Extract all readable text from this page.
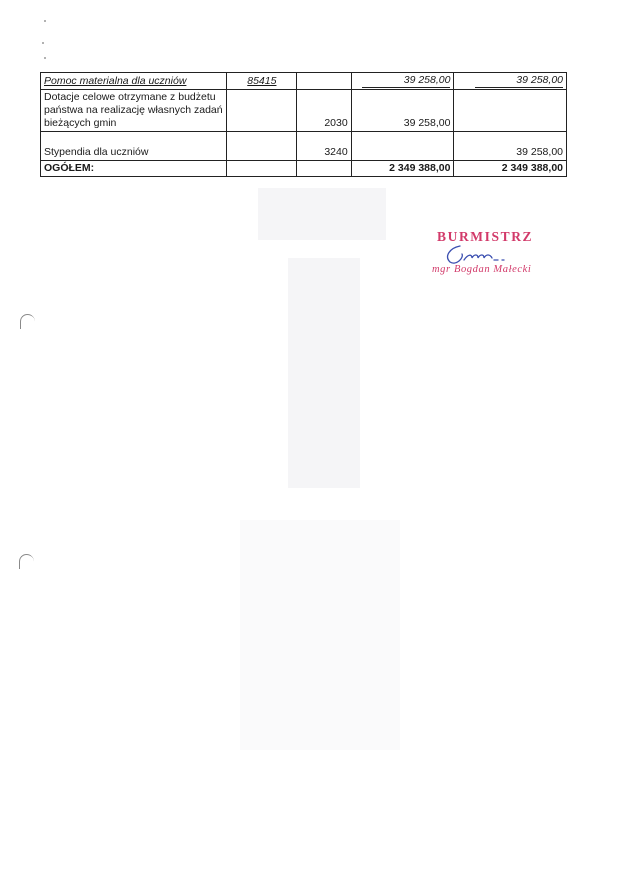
Pomoc materialna dla uczniów	85415		39 258,00	39 258,00
Dotacje celowe otrzymane z budżetu państwa na realizację własnych zadań bieżących gmin		2030	39 258,00	
Stypendia dla uczniów		3240		39 258,00
OGÓŁEM:			2 349 388,00	2 349 388,00
BURMISTRZ
mgr Bogdan Małecki
